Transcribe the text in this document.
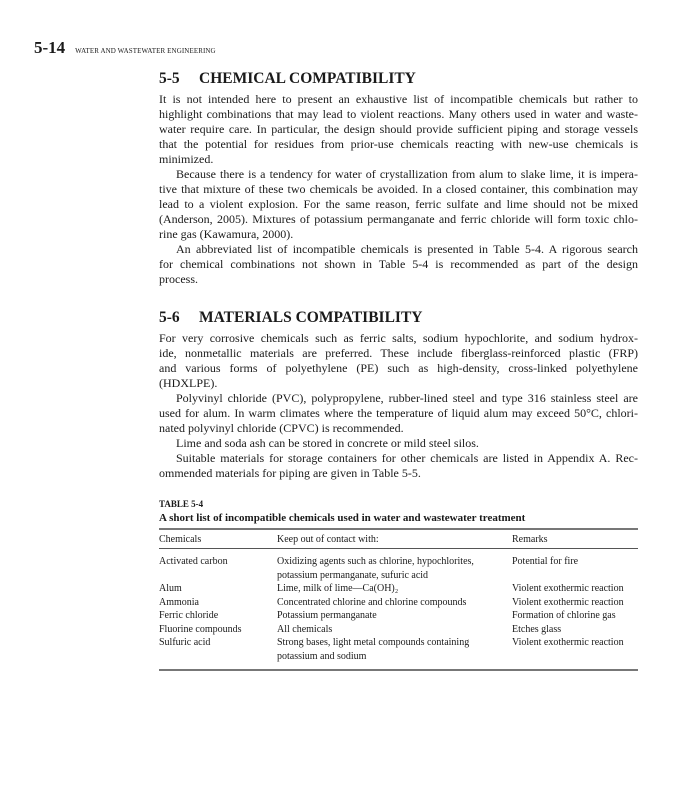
5-14 WATER AND WASTEWATER ENGINEERING
5-5 CHEMICAL COMPATIBILITY
It is not intended here to present an exhaustive list of incompatible chemicals but rather to
highlight combinations that may lead to violent reactions. Many others used in water and waste-
water require care. In particular, the design should provide sufficient piping and storage vessels
that the potential for residues from prior-use chemicals reacting with new-use chemicals is
minimized.
Because there is a tendency for water of crystallization from alum to slake lime, it is impera-
tive that mixture of these two chemicals be avoided. In a closed container, this combination may
lead to a violent explosion. For the same reason, ferric sulfate and lime should not be mixed
(Anderson, 2005). Mixtures of potassium permanganate and ferric chloride will form toxic chlo-
rine gas (Kawamura, 2000).
An abbreviated list of incompatible chemicals is presented in Table 5-4. A rigorous search
for chemical combinations not shown in Table 5-4 is recommended as part of the design
process.
5-6 MATERIALS COMPATIBILITY
For very corrosive chemicals such as ferric salts, sodium hypochlorite, and sodium hydrox-
ide, nonmetallic materials are preferred. These include fiberglass-reinforced plastic (FRP)
and various forms of polyethylene (PE) such as high-density, cross-linked polyethylene
(HDXLPE).
Polyvinyl chloride (PVC), polypropylene, rubber-lined steel and type 316 stainless steel are
used for alum. In warm climates where the temperature of liquid alum may exceed 50°C, chlori-
nated polyvinyl chloride (CPVC) is recommended.
Lime and soda ash can be stored in concrete or mild steel silos.
Suitable materials for storage containers for other chemicals are listed in Appendix A. Rec-
ommended materials for piping are given in Table 5-5.
TABLE 5-4
A short list of incompatible chemicals used in water and wastewater treatment
Chemicals	Keep out of contact with:	Remarks
Activated carbon	Oxidizing agents such as chlorine, hypochlorites, potassium permanganate, sufuric acid	Potential for fire
Alum	Lime, milk of lime—Ca(OH)₂	Violent exothermic reaction
Ammonia	Concentrated chlorine and chlorine compounds	Violent exothermic reaction
Ferric chloride	Potassium permanganate	Formation of chlorine gas
Fluorine compounds	All chemicals	Etches glass
Sulfuric acid	Strong bases, light metal compounds containing potassium and sodium	Violent exothermic reaction
